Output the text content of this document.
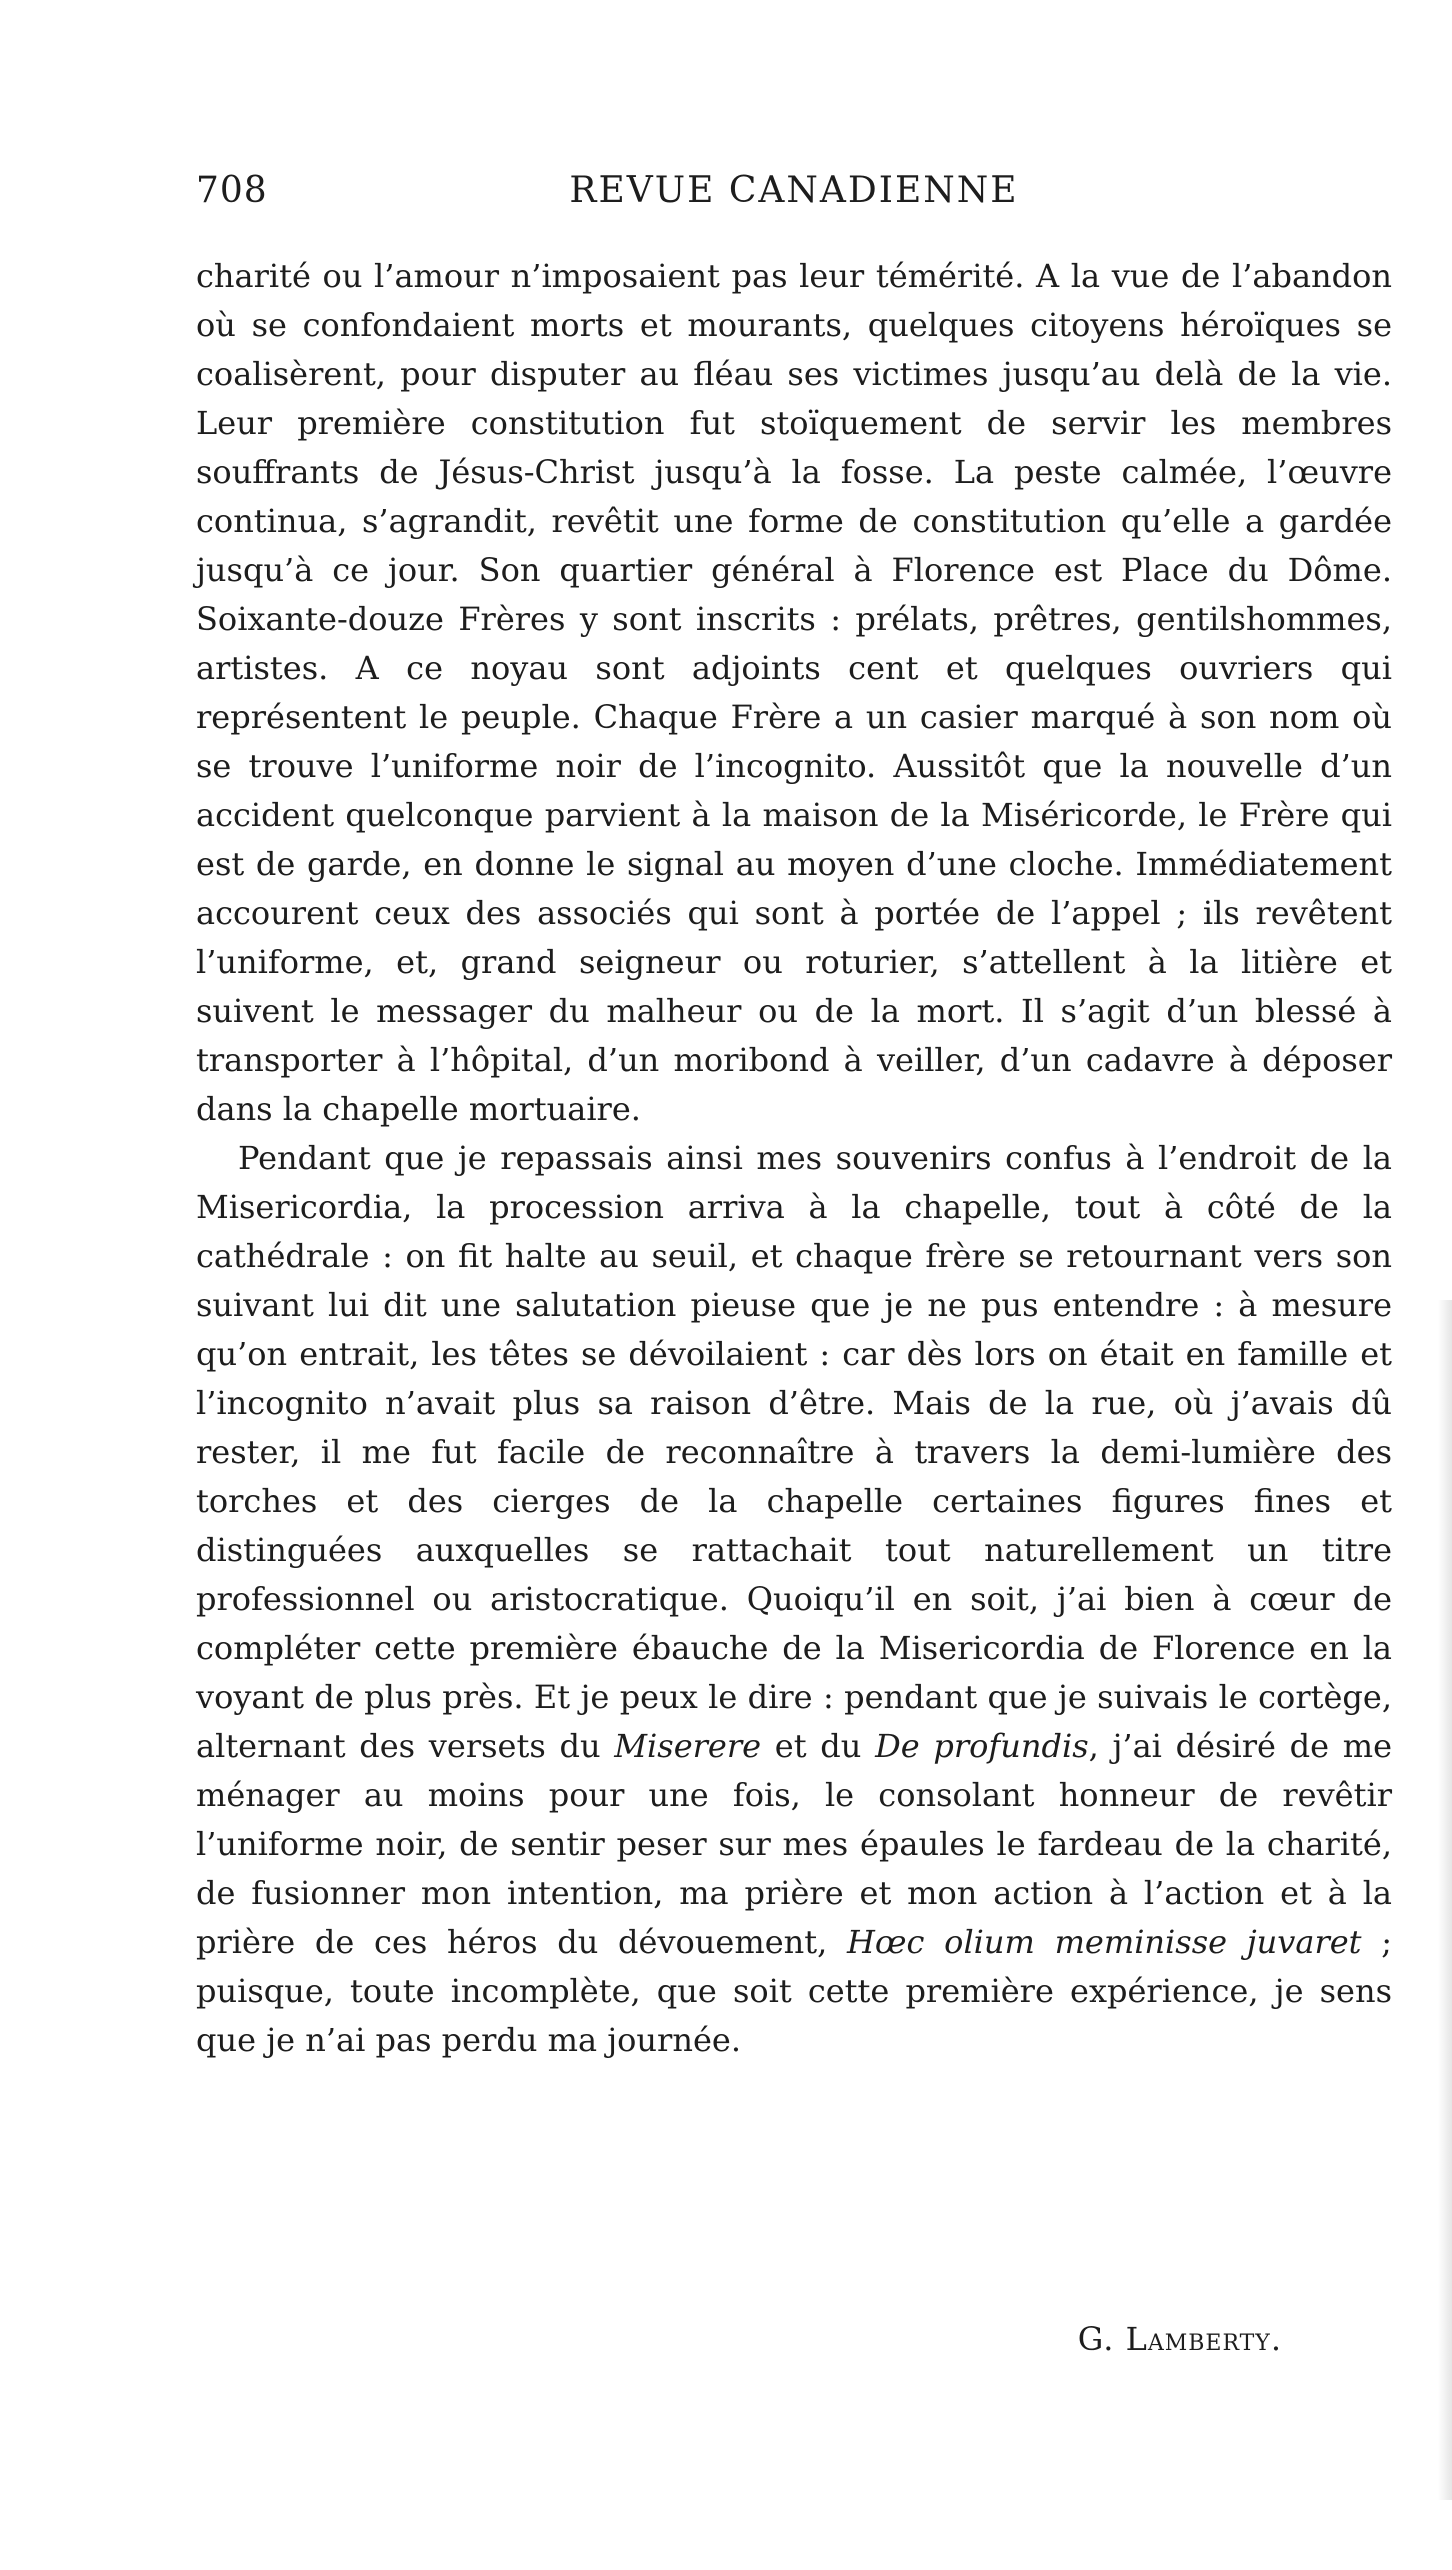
708	REVUE CANADIENNE

charité ou l’amour n’imposaient pas leur témérité. A la vue de l’abandon où se confondaient morts et mourants, quelques citoyens héroïques se coalisèrent, pour disputer au fléau ses victimes jusqu’au delà de la vie. Leur première constitution fut stoïquement de servir les membres souffrants de Jésus-Christ jusqu’à la fosse. La peste calmée, l’œuvre continua, s’agrandit, revêtit une forme de constitution qu’elle a gardée jusqu’à ce jour. Son quartier général à Florence est Place du Dôme. Soixante-douze Frères y sont inscrits : prélats, prêtres, gentilshommes, artistes. A ce noyau sont adjoints cent et quelques ouvriers qui représentent le peuple. Chaque Frère a un casier marqué à son nom où se trouve l’uniforme noir de l’incognito. Aussitôt que la nouvelle d’un accident quelconque parvient à la maison de la Miséricorde, le Frère qui est de garde, en donne le signal au moyen d’une cloche. Immédiatement accourent ceux des associés qui sont à portée de l’appel ; ils revêtent l’uniforme, et, grand seigneur ou roturier, s’attellent à la litière et suivent le messager du malheur ou de la mort. Il s’agit d’un blessé à transporter à l’hôpital, d’un moribond à veiller, d’un cadavre à déposer dans la chapelle mortuaire.

Pendant que je repassais ainsi mes souvenirs confus à l’endroit de la Misericordia, la procession arriva à la chapelle, tout à côté de la cathédrale : on fit halte au seuil, et chaque frère se retournant vers son suivant lui dit une salutation pieuse que je ne pus entendre : à mesure qu’on entrait, les têtes se dévoilaient : car dès lors on était en famille et l’incognito n’avait plus sa raison d’être. Mais de la rue, où j’avais dû rester, il me fut facile de reconnaître à travers la demi-lumière des torches et des cierges de la chapelle certaines figures fines et distinguées auxquelles se rattachait tout naturellement un titre professionnel ou aristocratique. Quoiqu’il en soit, j’ai bien à cœur de compléter cette première ébauche de la Misericordia de Florence en la voyant de plus près. Et je peux le dire : pendant que je suivais le cortège, alternant des versets du Miserere et du De profundis, j’ai désiré de me ménager au moins pour une fois, le consolant honneur de revêtir l’uniforme noir, de sentir peser sur mes épaules le fardeau de la charité, de fusionner mon intention, ma prière et mon action à l’action et à la prière de ces héros du dévouement, Hœc olium meminisse juvaret ; puisque, toute incomplète, que soit cette première expérience, je sens que je n’ai pas perdu ma journée.

G. Lamberty.
